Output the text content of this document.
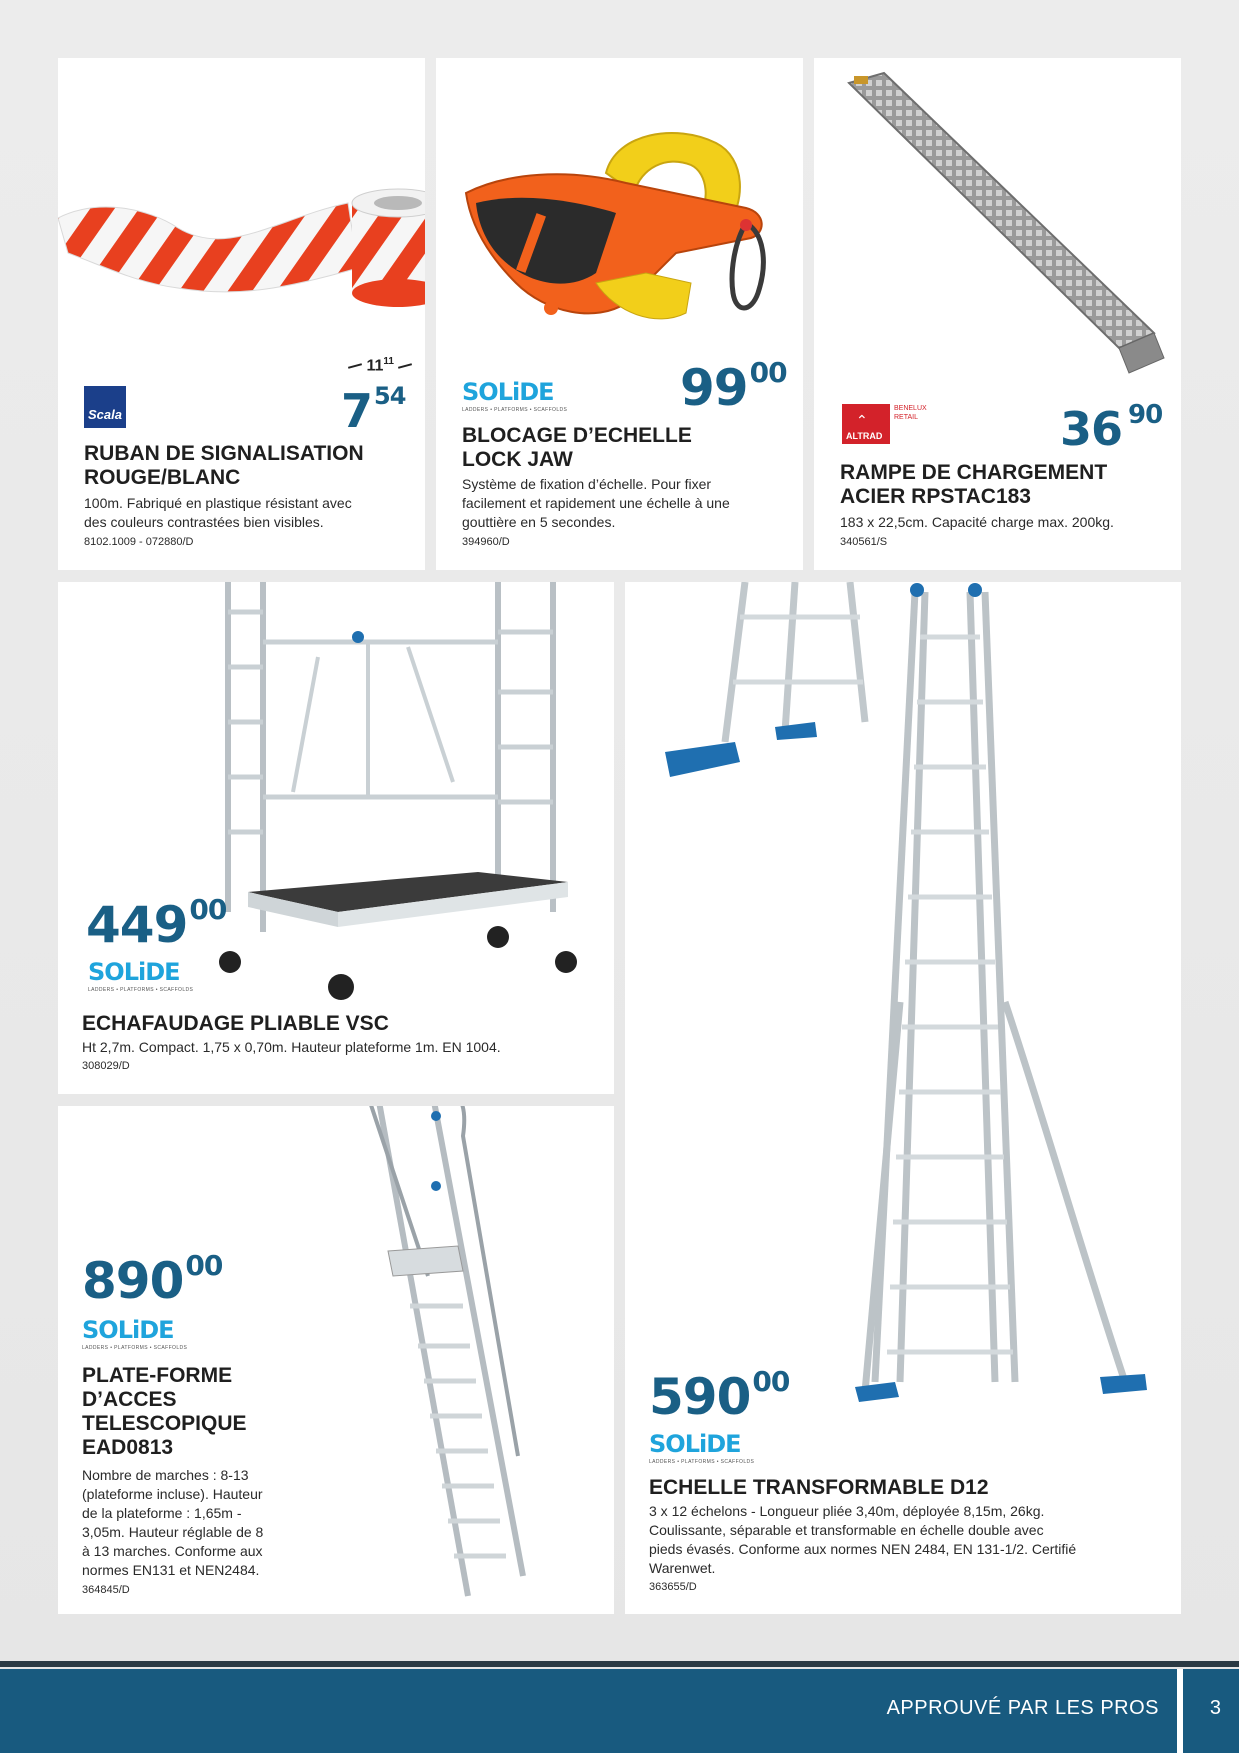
$11^{11}$
754
Scala
RUBAN DE SIGNALISATION
ROUGE/BLANC
100m. Fabriqué en plastique résistant avec
des couleurs contrastées bien visibles.
8102.1009 - 072880/D
9900
SOLiDE
LADDERS • PLATFORMS • SCAFFOLDS
BLOCAGE D’ECHELLE
LOCK JAW
Système de fixation d’échelle. Pour fixer
facilement et rapidement une échelle à une
gouttière en 5 secondes.
394960/D
ALTRAD
⌃
BENELUX
RETAIL	36 90
RAMPE DE CHARGEMENT
ACIER RPSTAC183
183 x 22,5cm. Capacité charge max. 200kg.
340561/S
44900
SOLiDE
LADDERS • PLATFORMS • SCAFFOLDS
ECHAFAUDAGE PLIABLE VSC
Ht 2,7m. Compact. 1,75 x 0,70m. Hauteur plateforme 1m. EN 1004.
308029/D
89000
SOLiDE
LADDERS • PLATFORMS • SCAFFOLDS
PLATE-FORME
D’ACCES
TELESCOPIQUE
EAD0813
Nombre de marches : 8-13
(plateforme incluse). Hauteur
de la plateforme : 1,65m -
3,05m. Hauteur réglable de 8
à 13 marches. Conforme aux
normes EN131 et NEN2484.
364845/D
59000
SOLiDE
LADDERS • PLATFORMS • SCAFFOLDS
ECHELLE TRANSFORMABLE D12
3 x 12 échelons - Longueur pliée 3,40m, déployée 8,15m, 26kg.
Coulissante, séparable et transformable en échelle double avec
pieds évasés. Conforme aux normes NEN 2484, EN 131-1/2. Certifié
Warenwet.
363655/D
APPROUVÉ PAR LES PROS	3
